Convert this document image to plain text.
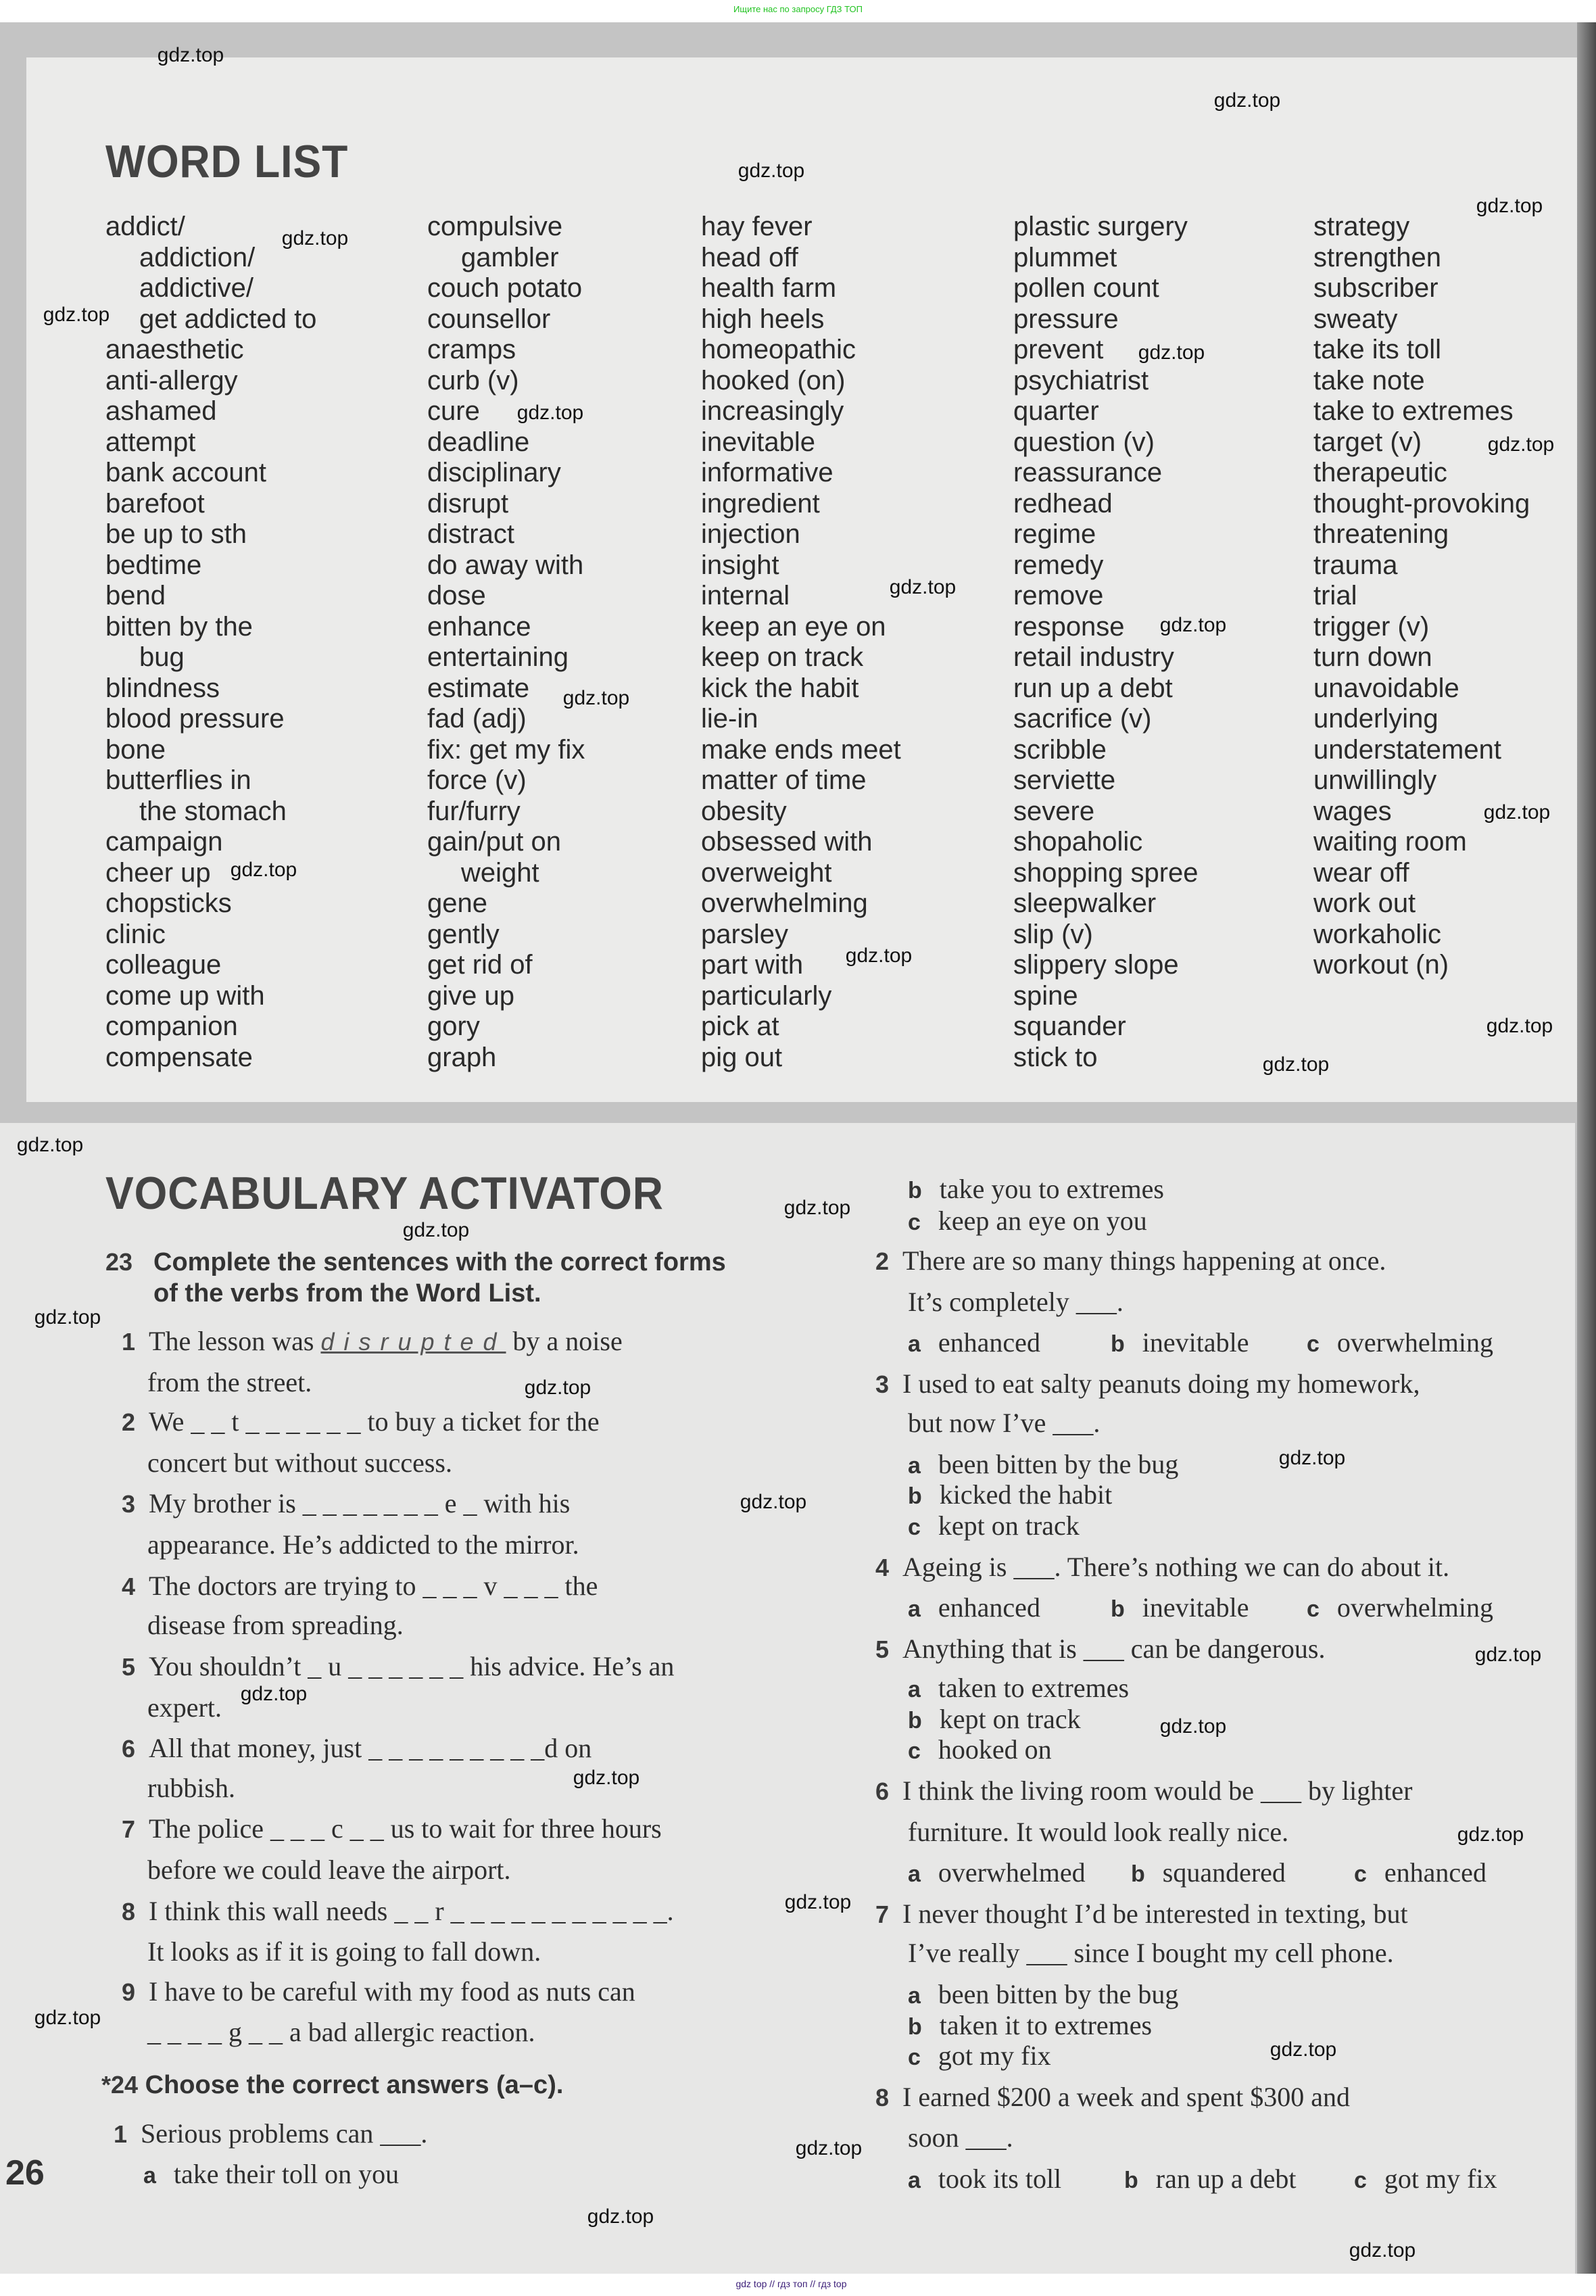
Ищите нас по запросу ГДЗ ТОП
WORD LIST
addict/
addiction/
addictive/
get addicted to
anaesthetic
anti-allergy
ashamed
attempt
bank account
barefoot
be up to sth
bedtime
bend
bitten by the
bug
blindness
blood pressure
bone
butterflies in
the stomach
campaign
cheer up
chopsticks
clinic
colleague
come up with
companion
compensate
compulsive
gambler
couch potato
counsellor
cramps
curb (v)
cure
deadline
disciplinary
disrupt
distract
do away with
dose
enhance
entertaining
estimate
fad (adj)
fix: get my fix
force (v)
fur/furry
gain/put on
weight
gene
gently
get rid of
give up
gory
graph
hay fever
head off
health farm
high heels
homeopathic
hooked (on)
increasingly
inevitable
informative
ingredient
injection
insight
internal
keep an eye on
keep on track
kick the habit
lie-in
make ends meet
matter of time
obesity
obsessed with
overweight
overwhelming
parsley
part with
particularly
pick at
pig out
plastic surgery
plummet
pollen count
pressure
prevent
psychiatrist
quarter
question (v)
reassurance
redhead
regime
remedy
remove
response
retail industry
run up a debt
sacrifice (v)
scribble
serviette
severe
shopaholic
shopping spree
sleepwalker
slip (v)
slippery slope
spine
squander
stick to
strategy
strengthen
subscriber
sweaty
take its toll
take note
take to extremes
target (v)
therapeutic
thought-provoking
threatening
trauma
trial
trigger (v)
turn down
unavoidable
underlying
understatement
unwillingly
wages
waiting room
wear off
work out
workaholic
workout (n)
VOCABULARY ACTIVATOR
23 Complete the sentences with the correct forms
of the verbs from the Word List.
1 The lesson was disrupted by a noise
from the street.
*24 Choose the correct answers (a–c).
1 Serious problems can ___.
a take their toll on you
b take you to extremes
c keep an eye on you
26
gdz top // гдз топ // гдз top
2 We _ _ t _ _ _ _ _ _ to buy a ticket for the
concert but without success.
3 My brother is _ _ _ _ _ _ _ e _ with his
appearance. He’s addicted to the mirror.
4 The doctors are trying to _ _ _ v _ _ _ the
disease from spreading.
5 You shouldn’t _ u _ _ _ _ _ _ his advice. He’s an
expert.
6 All that money, just _ _ _ _ _ _ _ _ _d on
rubbish.
7 The police _ _ _ c _ _ us to wait for three hours
before we could leave the airport.
8 I think this wall needs _ _ r _ _ _ _ _ _ _ _ _ _ _.
It looks as if it is going to fall down.
9 I have to be careful with my food as nuts can
_ _ _ _ g _ _ a bad allergic reaction.
2 There are so many things happening at once.
It’s completely ___.
a enhanced	b inevitable	c overwhelming
3 I used to eat salty peanuts doing my homework,
but now I’ve ___.
a been bitten by the bug
b kicked the habit
c kept on track
4 Ageing is ___. There’s nothing we can do about it.
a enhanced	b inevitable	c overwhelming
5 Anything that is ___ can be dangerous.
a taken to extremes
b kept on track
c hooked on
6 I think the living room would be ___ by lighter
furniture. It would look really nice.
a overwhelmed b squandered	c enhanced
7 I never thought I’d be interested in texting, but
I’ve really ___ since I bought my cell phone.
a been bitten by the bug
b taken it to extremes
c got my fix
8 I earned $200 a week and spent $300 and
soon ___.
a took its toll	b ran up a debt	c got my fix
gdz.top
gdz.top
gdz.top
gdz.top
gdz.top
gdz.top
gdz.top
gdz.top
gdz.top
gdz.top
gdz.top
gdz.top
gdz.top
gdz.top
gdz.top
gdz.top
gdz.top
gdz.top
gdz.top
gdz.top
gdz.top
gdz.top
gdz.top
gdz.top
gdz.top
gdz.top
gdz.top
gdz.top
gdz.top
gdz.top
gdz.top
gdz.top
gdz.top
gdz.top
gdz.top
